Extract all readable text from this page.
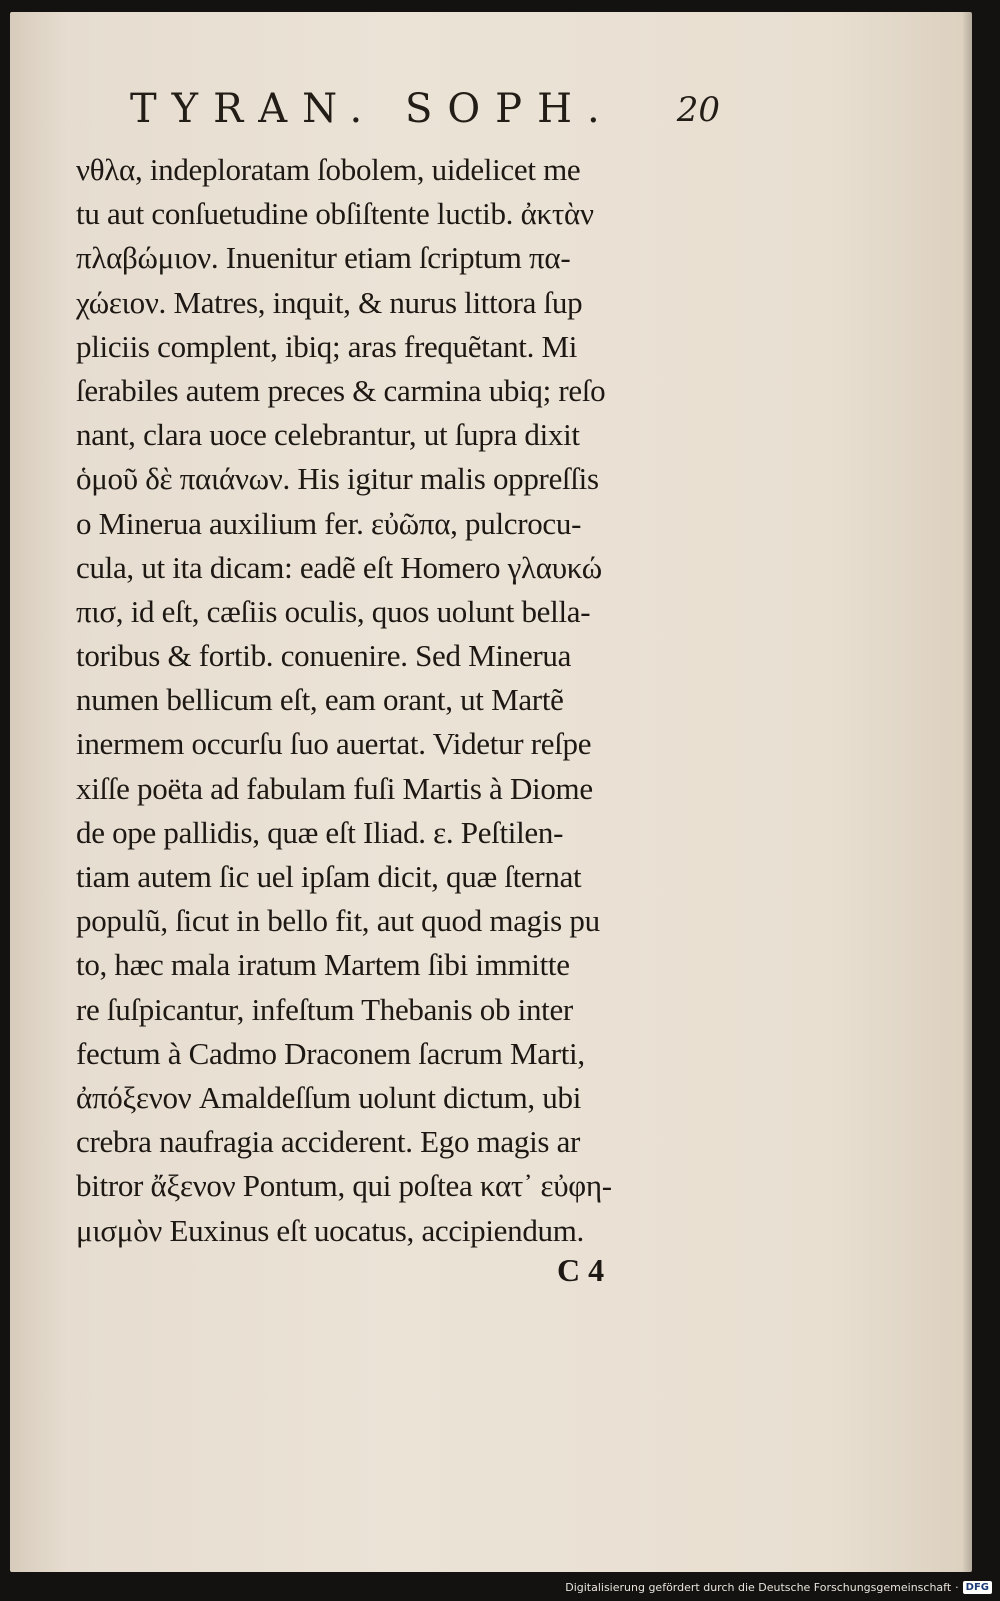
TYRAN. SOPH. 20
νθλα, indeploratam ſobolem, uidelicet me
tu aut conſuetudine obſiſtente luctib. ἀκτὰν
πλαβώμιον. Inuenitur etiam ſcriptum πα-
χώειον. Matres, inquit, & nurus littora ſup
pliciis complent, ibiq; aras frequẽtant. Mi
ſerabiles autem preces & carmina ubiq; reſo
nant, clara uoce celebrantur, ut ſupra dixit
ὁμοῦ δὲ παιάνων. His igitur malis oppreſſis
o Minerua auxilium fer. εὐῶπα, pulcrocu-
cula, ut ita dicam: eadẽ eſt Homero γλαυκώ
πισ, id eſt, cæſiis oculis, quos uolunt bella-
toribus & fortib. conuenire. Sed Minerua
numen bellicum eſt, eam orant, ut Martẽ
inermem occurſu ſuo auertat. Videtur reſpe
xiſſe poëta ad fabulam fuſi Martis à Diome
de ope pallidis, quæ eſt Iliad. ε. Peſtilen-
tiam autem ſic uel ipſam dicit, quæ ſternat
populũ, ſicut in bello fit, aut quod magis pu
to, hæc mala iratum Martem ſibi immitte
re ſuſpicantur, infeſtum Thebanis ob inter
fectum à Cadmo Draconem ſacrum Marti,
ἀπόξενον Amaldeſſum uolunt dictum, ubi
crebra naufragia acciderent. Ego magis ar
bitror ἄξενον Pontum, qui poſtea κατ᾽ εὐφη-
μισμὸν Euxinus eſt uocatus, accipiendum.
C 4
Digitalisierung gefördert durch die Deutsche Forschungsgemeinschaft · DFG
